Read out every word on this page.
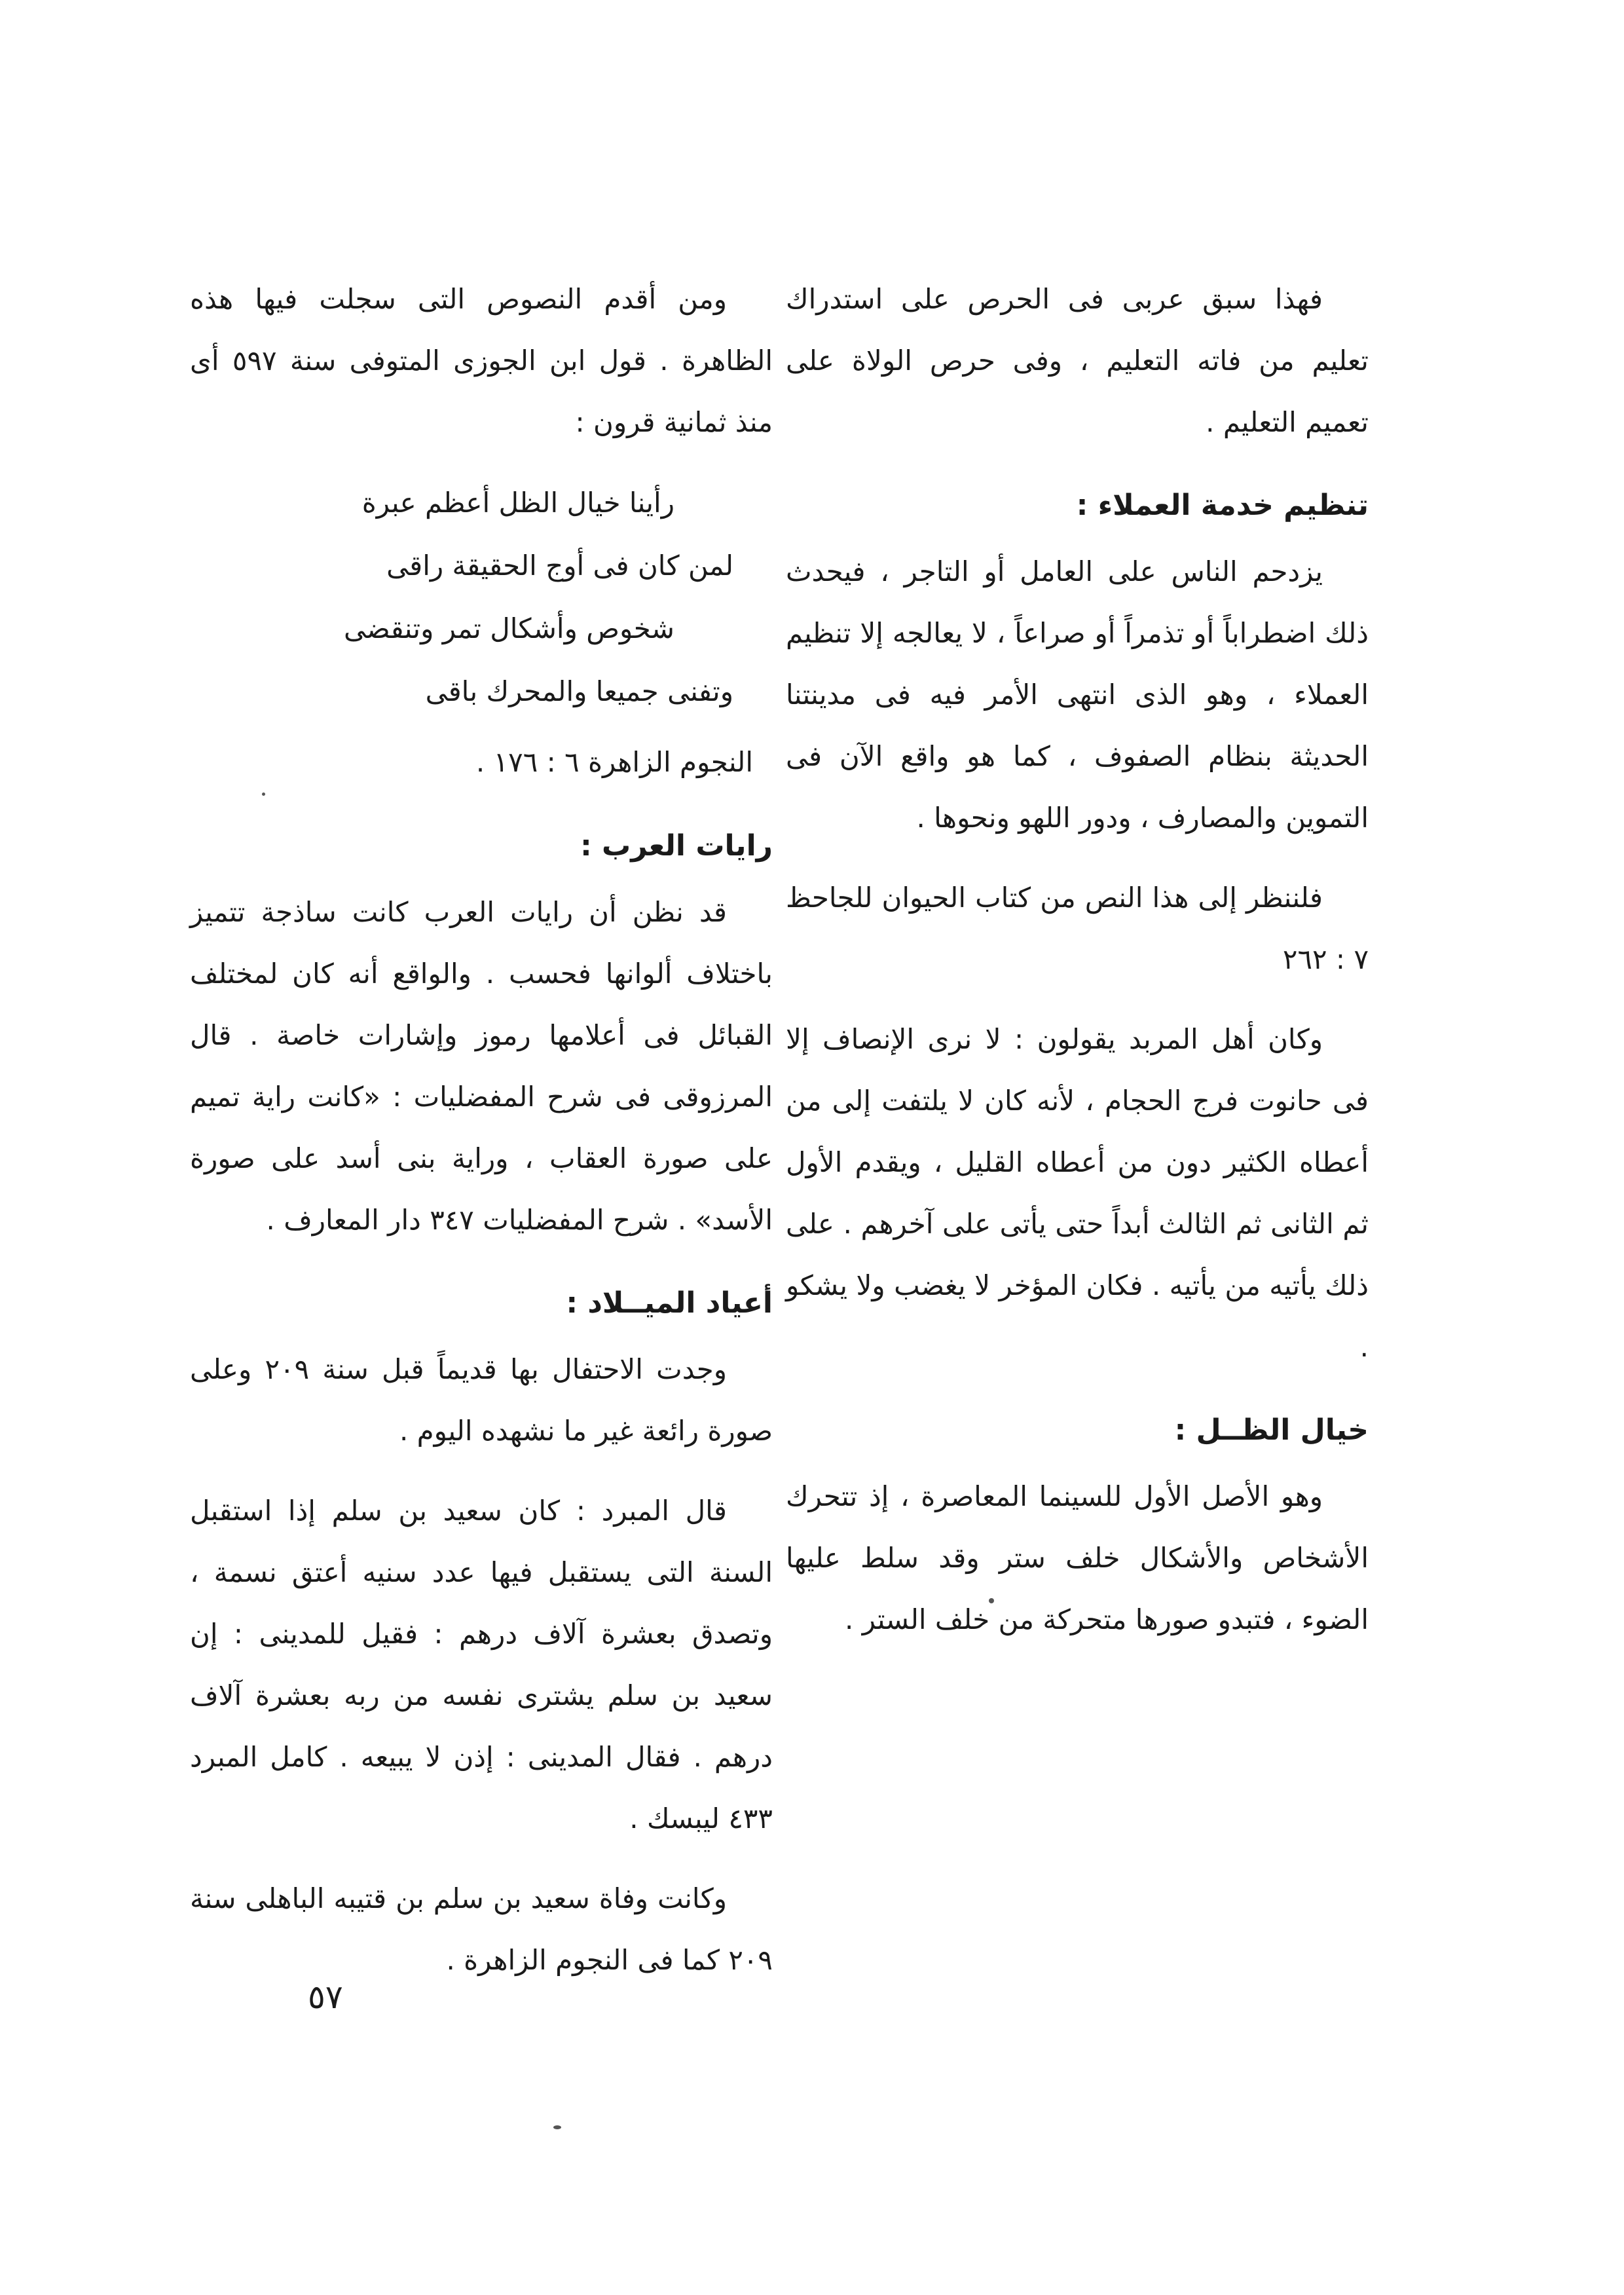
فهذا سبق عربى فى الحرص على استدراك تعليم من فاته التعليم ، وفى حرص الولاة على تعميم التعليم .

تنظيم خدمة العملاء :

يزدحم الناس على العامل أو التاجر ، فيحدث ذلك اضطراباً أو تذمراً أو صراعاً ، لا يعالجه إلا تنظيم العملاء ، وهو الذى انتهى الأمر فيه فى مدينتنا الحديثة بنظام الصفوف ، كما هو واقع الآن فى التموين والمصارف ، ودور اللهو ونحوها .

فلننظر إلى هذا النص من كتاب الحيوان للجاحظ ٧ : ٢٦٢

وكان أهل المربد يقولون : لا نرى الإنصاف إلا فى حانوت فرج الحجام ، لأنه كان لا يلتفت إلى من أعطاه الكثير دون من أعطاه القليل ، ويقدم الأول ثم الثانى ثم الثالث أبداً حتى يأتى على آخرهم . على ذلك يأتيه من يأتيه . فكان المؤخر لا يغضب ولا يشكو .

خيال الظــل :

وهو الأصل الأول للسينما المعاصرة ، إذ تتحرك الأشخاص والأشكال خلف ستر وقد سلط عليها الضوء ، فتبدو صورها متحركة من خلف الستر .

ومن أقدم النصوص التى سجلت فيها هذه الظاهرة . قول ابن الجوزى المتوفى سنة ٥٩٧ أى منذ ثمانية قرون :

رأينا خيال الظل أعظم عبرة

لمن كان فى أوج الحقيقة راقى

شخوص وأشكال تمر وتنقضى

وتفنى جميعا والمحرك باقى

النجوم الزاهرة ٦ : ١٧٦ .

رايات العرب :

قد نظن أن رايات العرب كانت ساذجة تتميز باختلاف ألوانها فحسب . والواقع أنه كان لمختلف القبائل فى أعلامها رموز وإشارات خاصة . قال المرزوقى فى شرح المفضليات : «كانت راية تميم على صورة العقاب ، وراية بنى أسد على صورة الأسد» . شرح المفضليات ٣٤٧ دار المعارف .

أعياد الميــلاد :

وجدت الاحتفال بها قديماً قبل سنة ٢٠٩ وعلى صورة رائعة غير ما نشهده اليوم .

قال المبرد : كان سعيد بن سلم إذا استقبل السنة التى يستقبل فيها عدد سنيه أعتق نسمة ، وتصدق بعشرة آلاف درهم : فقيل للمدينى : إن سعيد بن سلم يشترى نفسه من ربه بعشرة آلاف درهم . فقال المدينى : إذن لا يبيعه . كامل المبرد ٤٣٣ ليبسك .

وكانت وفاة سعيد بن سلم بن قتيبه الباهلى سنة ٢٠٩ كما فى النجوم الزاهرة .

٥٧
